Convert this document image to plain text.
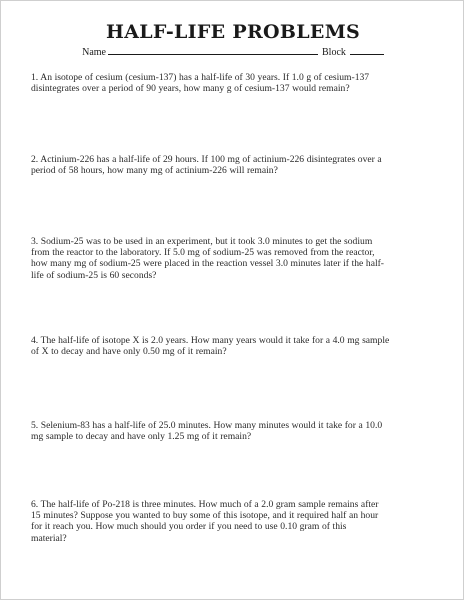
HALF-LIFE PROBLEMS
Name	Block
1. An isotope of cesium (cesium-137) has a half-life of 30 years. If 1.0 g of cesium-137
disintegrates over a period of 90 years, how many g of cesium-137 would remain?
2. Actinium-226 has a half-life of 29 hours. If 100 mg of actinium-226 disintegrates over a
period of 58 hours, how many mg of actinium-226 will remain?
3. Sodium-25 was to be used in an experiment, but it took 3.0 minutes to get the sodium
from the reactor to the laboratory. If 5.0 mg of sodium-25 was removed from the reactor,
how many mg of sodium-25 were placed in the reaction vessel 3.0 minutes later if the half-
life of sodium-25 is 60 seconds?
4. The half-life of isotope X is 2.0 years. How many years would it take for a 4.0 mg sample
of X to decay and have only 0.50 mg of it remain?
5. Selenium-83 has a half-life of 25.0 minutes. How many minutes would it take for a 10.0
mg sample to decay and have only 1.25 mg of it remain?
6. The half-life of Po-218 is three minutes. How much of a 2.0 gram sample remains after
15 minutes? Suppose you wanted to buy some of this isotope, and it required half an hour
for it reach you. How much should you order if you need to use 0.10 gram of this
material?
